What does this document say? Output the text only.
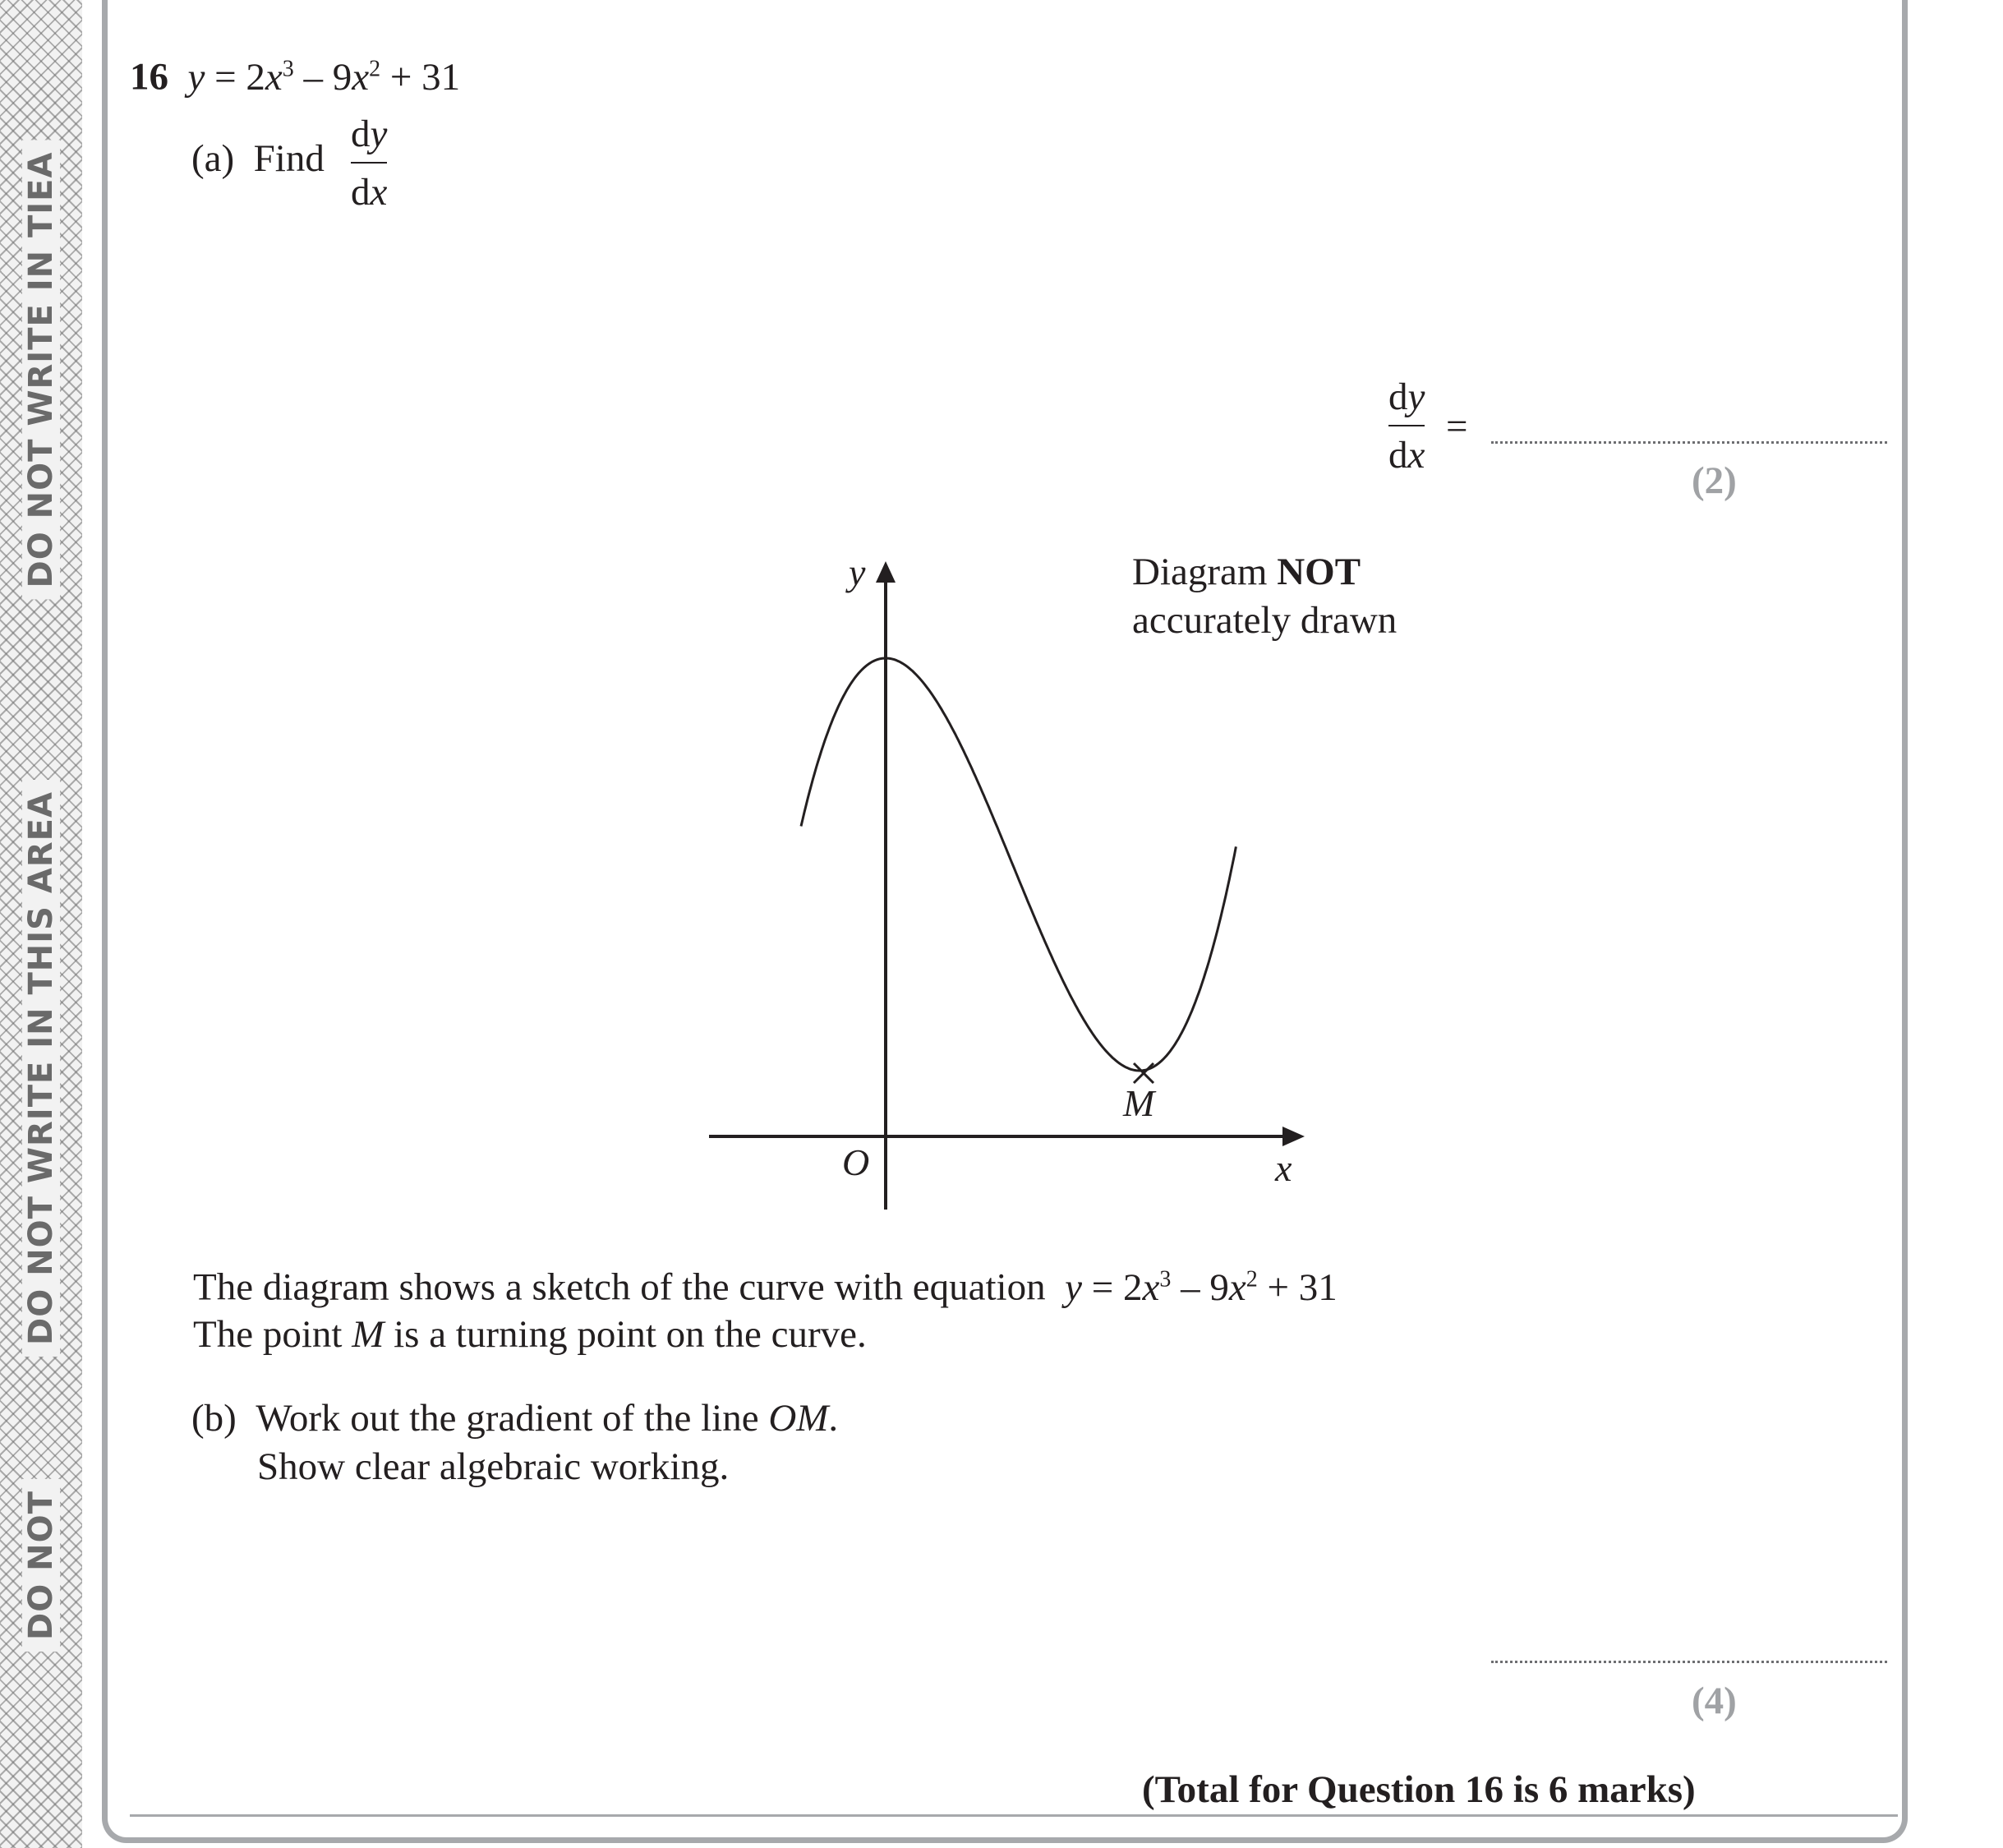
DO NOT WRITE IN TIEA
DO NOT WRITE IN THIS AREA
DO NOT
16 $y = 2x^3 - 9x^2 + 31$
(a) Find
dy
dx
dy
dx
=
(2)
y
x
O
M
Diagram NOT
accurately drawn
The diagram shows a sketch of the curve with equation $y = 2x^3 - 9x^2 + 31$
The point M is a turning point on the curve.
(b) Work out the gradient of the line OM.
Show clear algebraic working.
(4)
(Total for Question 16 is 6 marks)
